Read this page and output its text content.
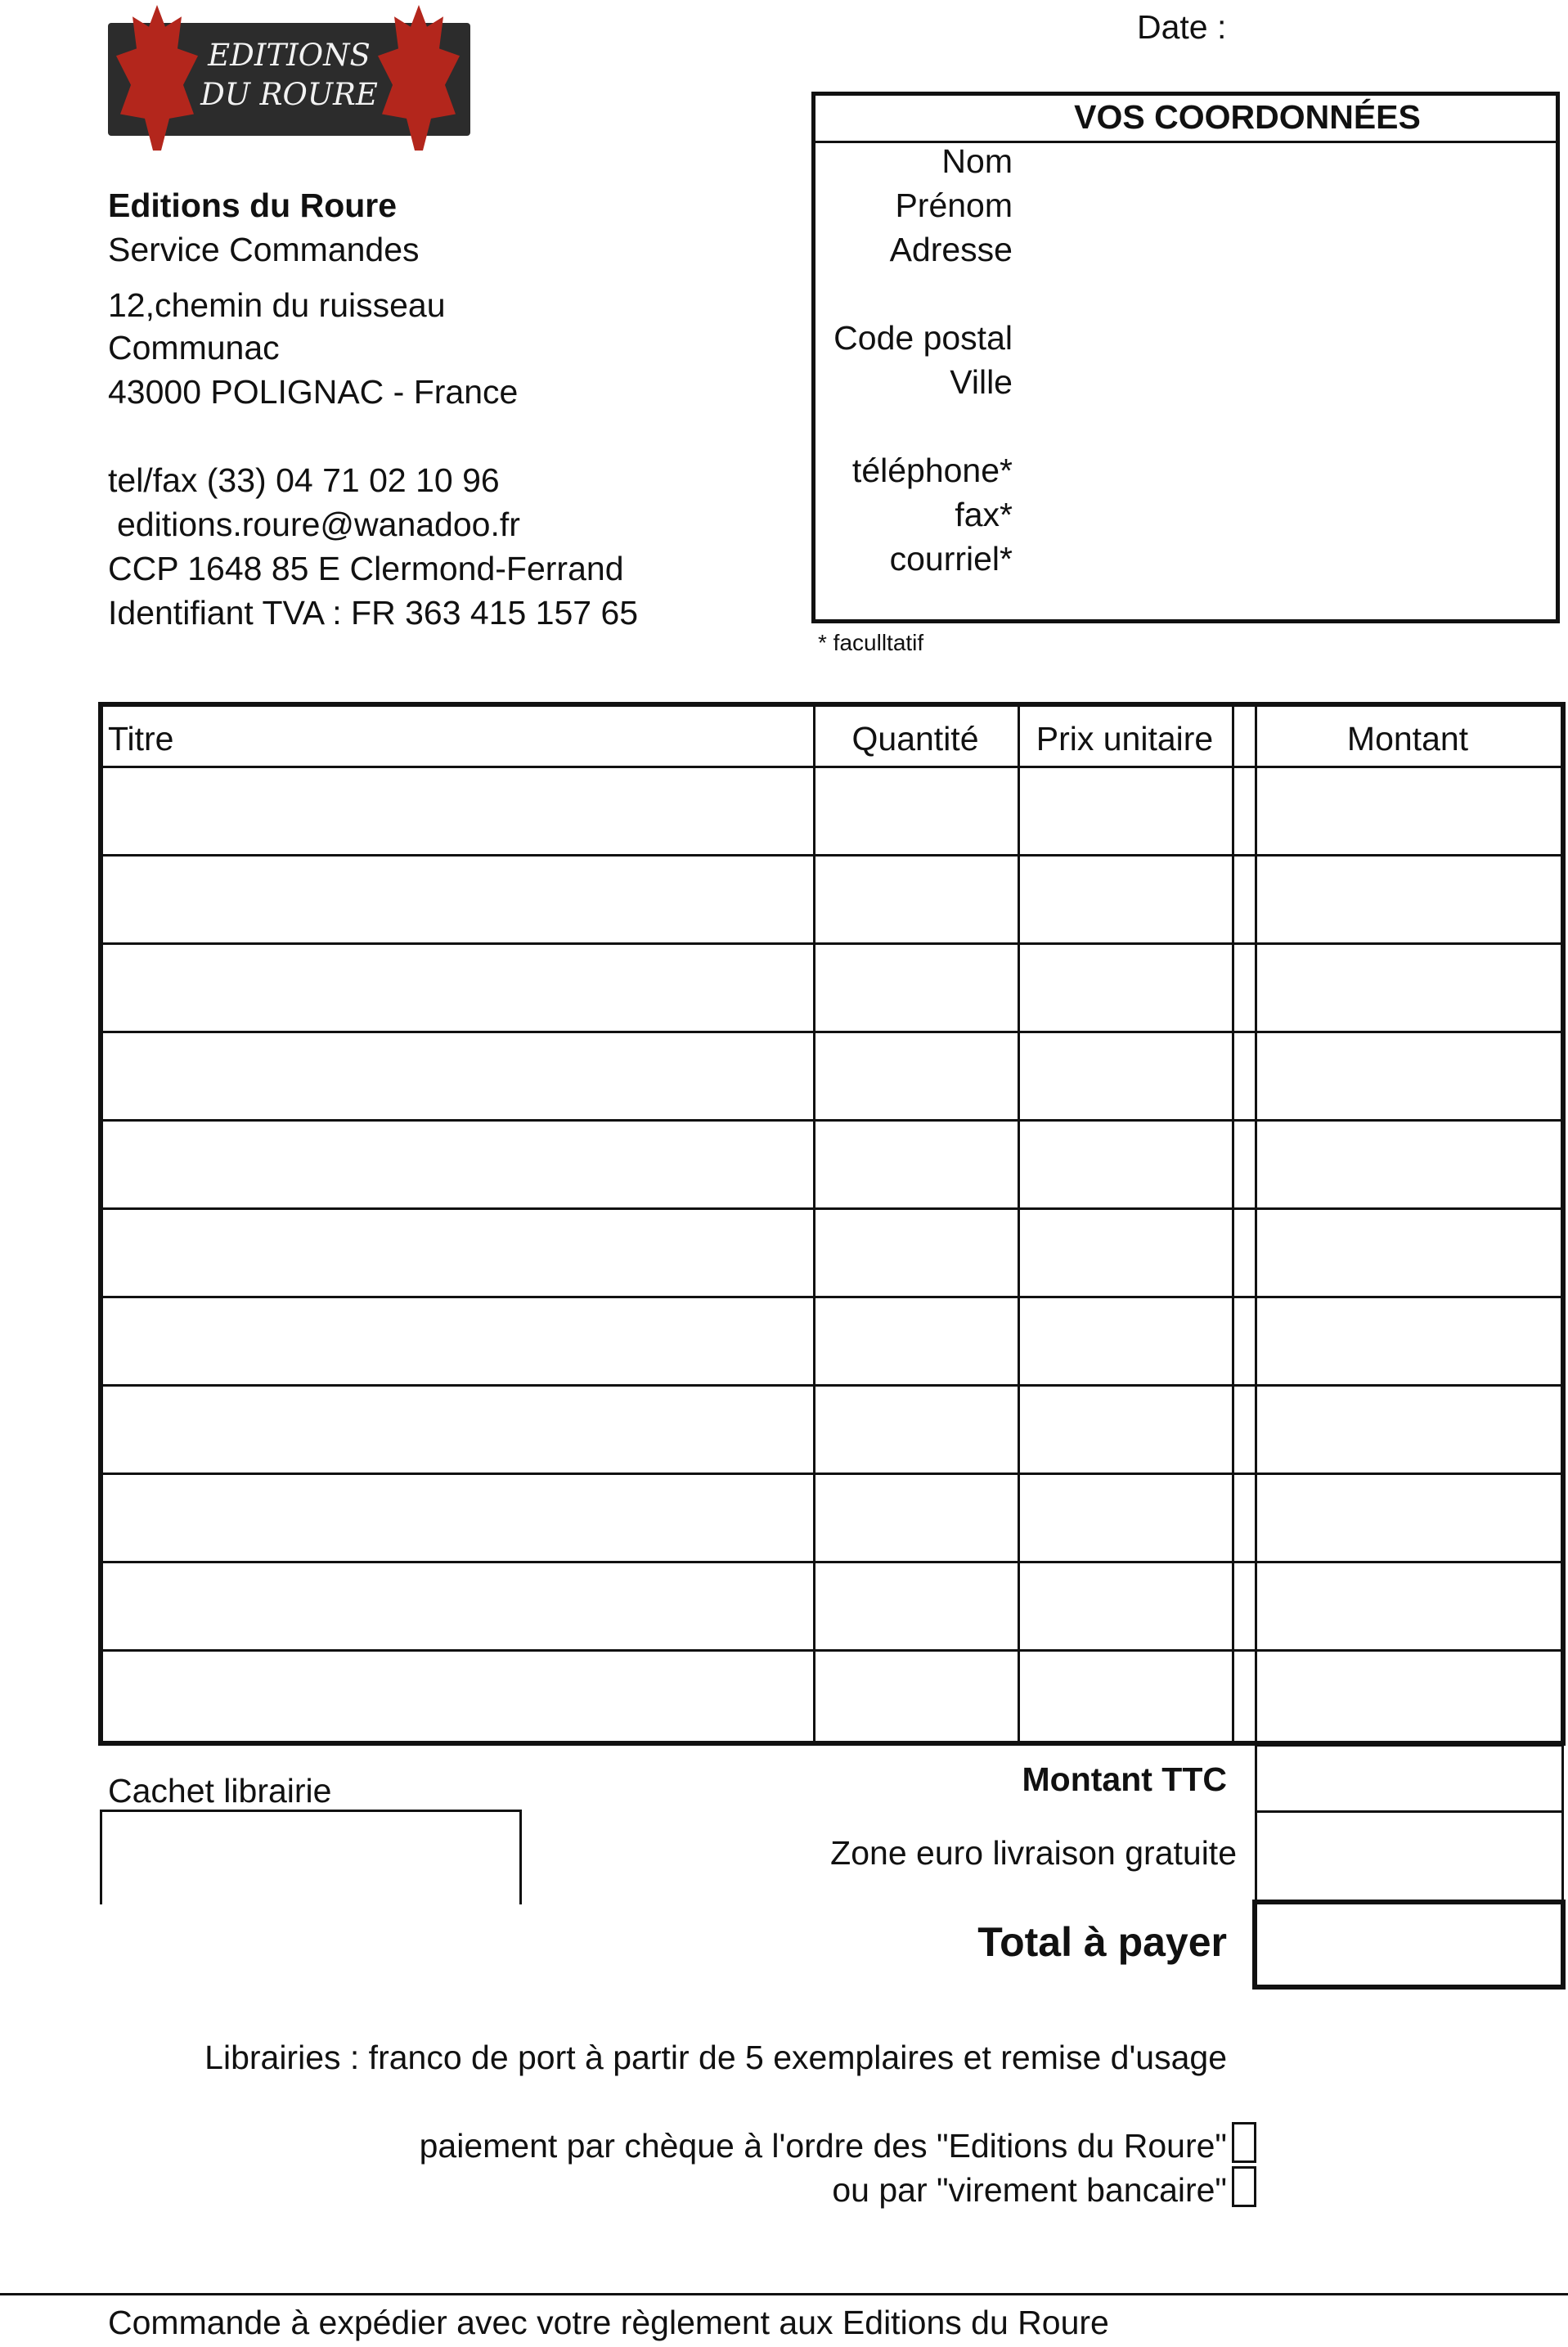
Date :
EDITIONS
DU ROURE
Editions du Roure
Service Commandes
12,chemin du ruisseau
Communac
43000 POLIGNAC - France
tel/fax (33) 04 71 02 10 96
editions.roure@wanadoo.fr
CCP 1648 85 E Clermond-Ferrand
Identifiant TVA : FR 363 415 157 65
VOS COORDONNÉES
Nom
Prénom
Adresse
Code postal
Ville
téléphone*
fax*
courriel*
* faculltatif
Titre	Quantité	Prix unitaire	Montant
Cachet librairie	Montant TTC
Zone euro livraison gratuite
Total à payer
Librairies : franco de port à partir de 5 exemplaires et remise d'usage
paiement par chèque à l'ordre des "Editions du Roure"
ou par "virement bancaire"
Commande à expédier avec votre règlement aux Editions du Roure
